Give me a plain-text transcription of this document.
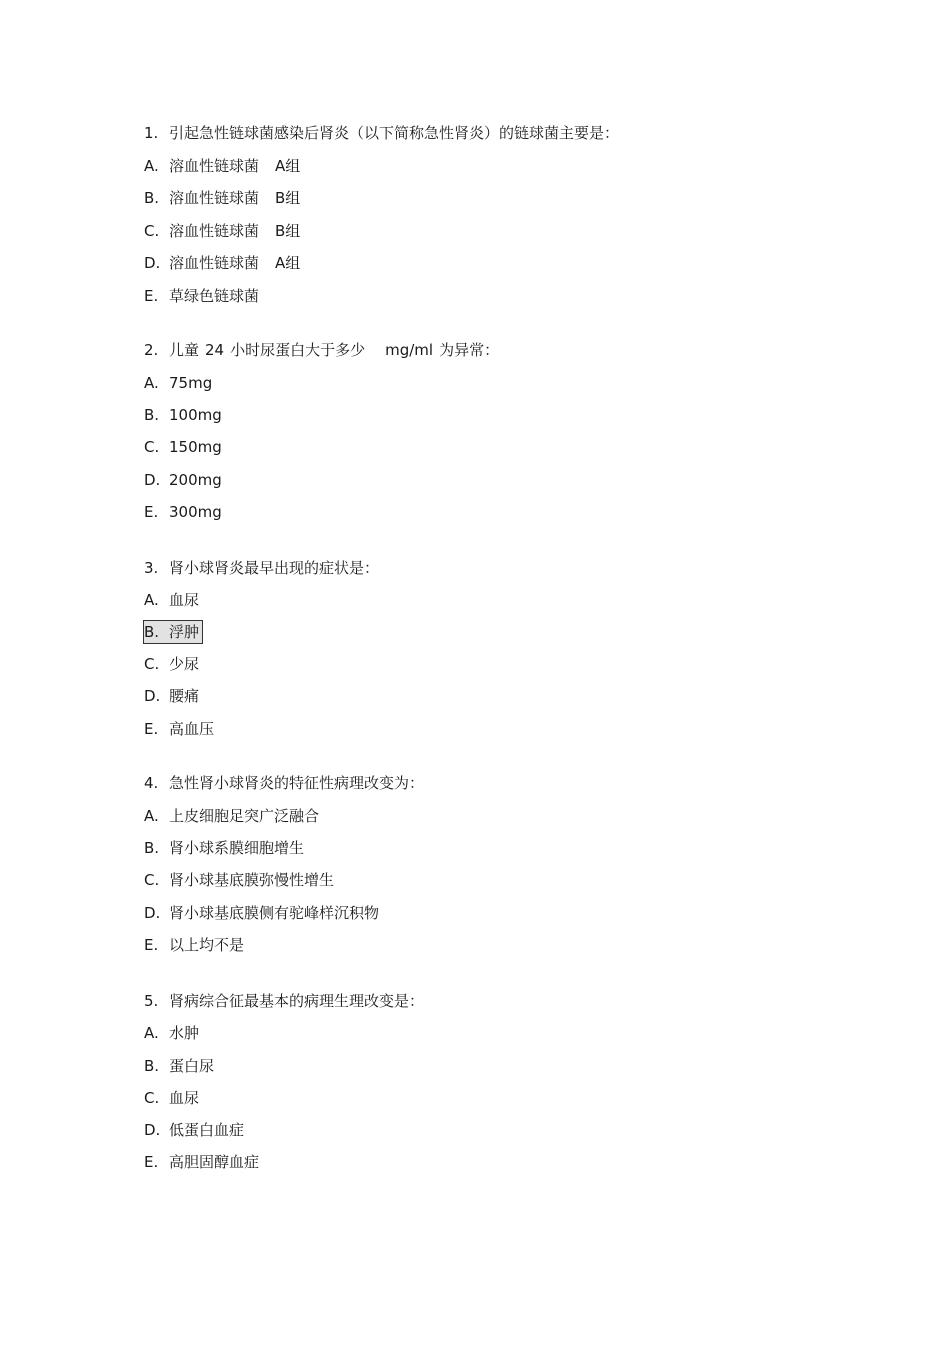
1. 引起急性链球菌感染后肾炎（以下简称急性肾炎）的链球菌主要是：
A. 溶血性链球菌 A组
B. 溶血性链球菌 B组
C. 溶血性链球菌 B组
D. 溶血性链球菌 A组
E. 草绿色链球菌
2. 儿童 24 小时尿蛋白大于多少 mg/ml 为异常：
A. 75mg
B. 100mg
C. 150mg
D. 200mg
E. 300mg
3. 肾小球肾炎最早出现的症状是：
A. 血尿
B. 浮肿
C. 少尿
D. 腰痛
E. 高血压
4. 急性肾小球肾炎的特征性病理改变为：
A. 上皮细胞足突广泛融合
B. 肾小球系膜细胞增生
C. 肾小球基底膜弥慢性增生
D. 肾小球基底膜侧有驼峰样沉积物
E. 以上均不是
5. 肾病综合征最基本的病理生理改变是：
A. 水肿
B. 蛋白尿
C. 血尿
D. 低蛋白血症
E. 高胆固醇血症
